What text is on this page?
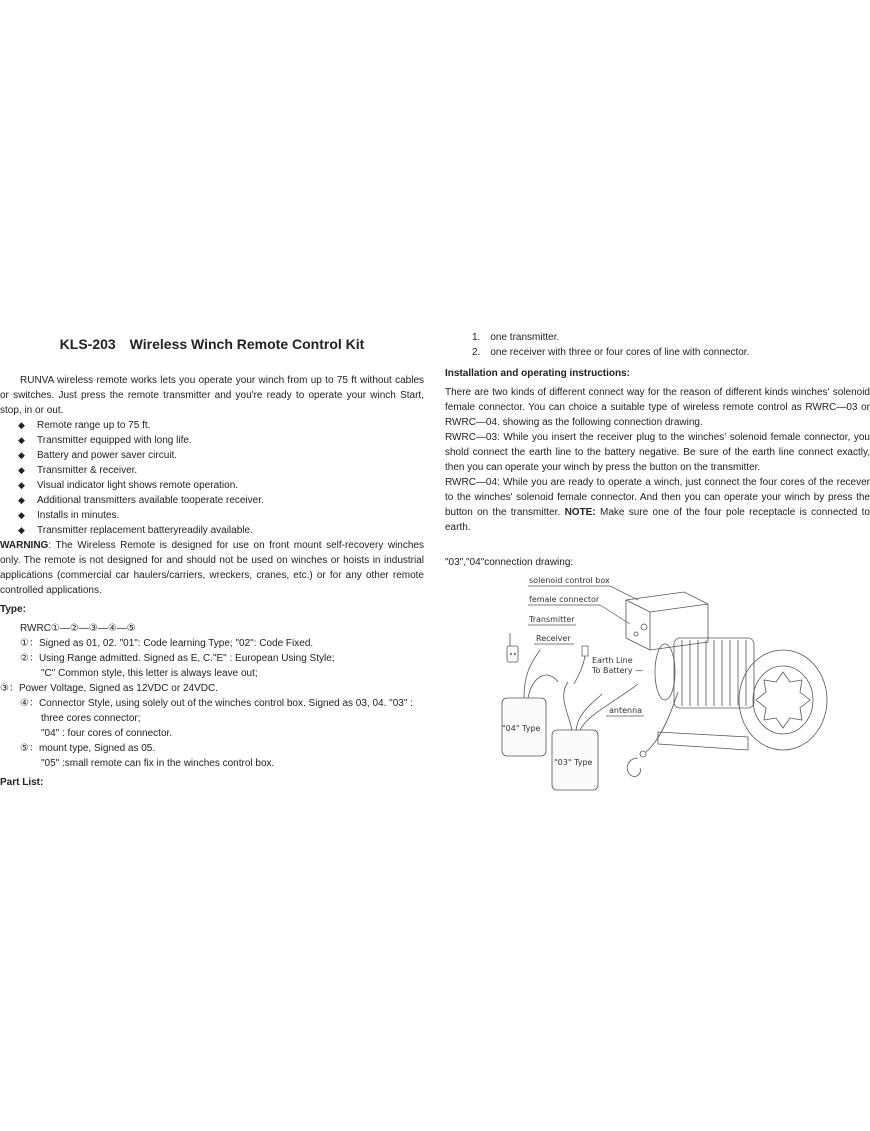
KLS-203　Wireless Winch Remote Control Kit

RUNVA wireless remote works lets you operate your winch from up to 75 ft without cables or switches. Just press the remote transmitter and you're ready to operate your winch Start, stop, in or out.

◆ Remote range up to 75 ft.
◆ Transmitter equipped with long life.
◆ Battery and power saver circuit.
◆ Transmitter & receiver.
◆ Visual indicator light shows remote operation.
◆ Additional transmitters available tooperate receiver.
◆ Installs in minutes.
◆ Transmitter replacement batteryreadily available.

WARNING: The Wireless Remote is designed for use on front mount self-recovery winches only. The remote is not designed for and should not be used on winches or hoists in industrial applications (commercial car haulers/carriers, wreckers, cranes, etc.) or for any other remote controlled applications.

Type:

RWRC①—②—③—④—⑤

①：Signed as 01, 02. "01": Code learning Type; "02": Code Fixed.

②：Using Range admitted. Signed as E, C."E" : European Using Style;

"C" Common style, this letter is always leave out;

③：Power Voltage, Signed as 12VDC or 24VDC.

④：Connector Style, using solely out of the winches control box. Signed as 03, 04. "03" :

three cores connector;

"04" : four cores of connector.

⑤：mount type, Signed as 05.

"05" :small remote can fix in the winches control box.

Part List:
1.　one transmitter.
2.　one receiver with three or four cores of line with connector.
Installation and operating instructions:

There are two kinds of different connect way for the reason of different kinds winches' solenoid female connector. You can choice a suitable type of wireless remote control as RWRC—03 or RWRC—04. showing as the following connection drawing.

RWRC—03: While you insert the receiver plug to the winches' solenoid female connector, you shold connect the earth line to the battery negative. Be sure of the earth line connect exactly, then you can operate your winch by press the button on the transmitter.

RWRC—04: While you are ready to operate a winch, just connect the four cores of the recever to the winches' solenoid female connector. And then you can operate your winch by press the button on the transmitter. NOTE: Make sure one of the four pole receptacle is connected to earth.

"03","04"connection drawing:

solenoid control box
female connector
Transmitter
Receiver
Earth Line
To Battery —
antenna
"04" Type
"03" Type
